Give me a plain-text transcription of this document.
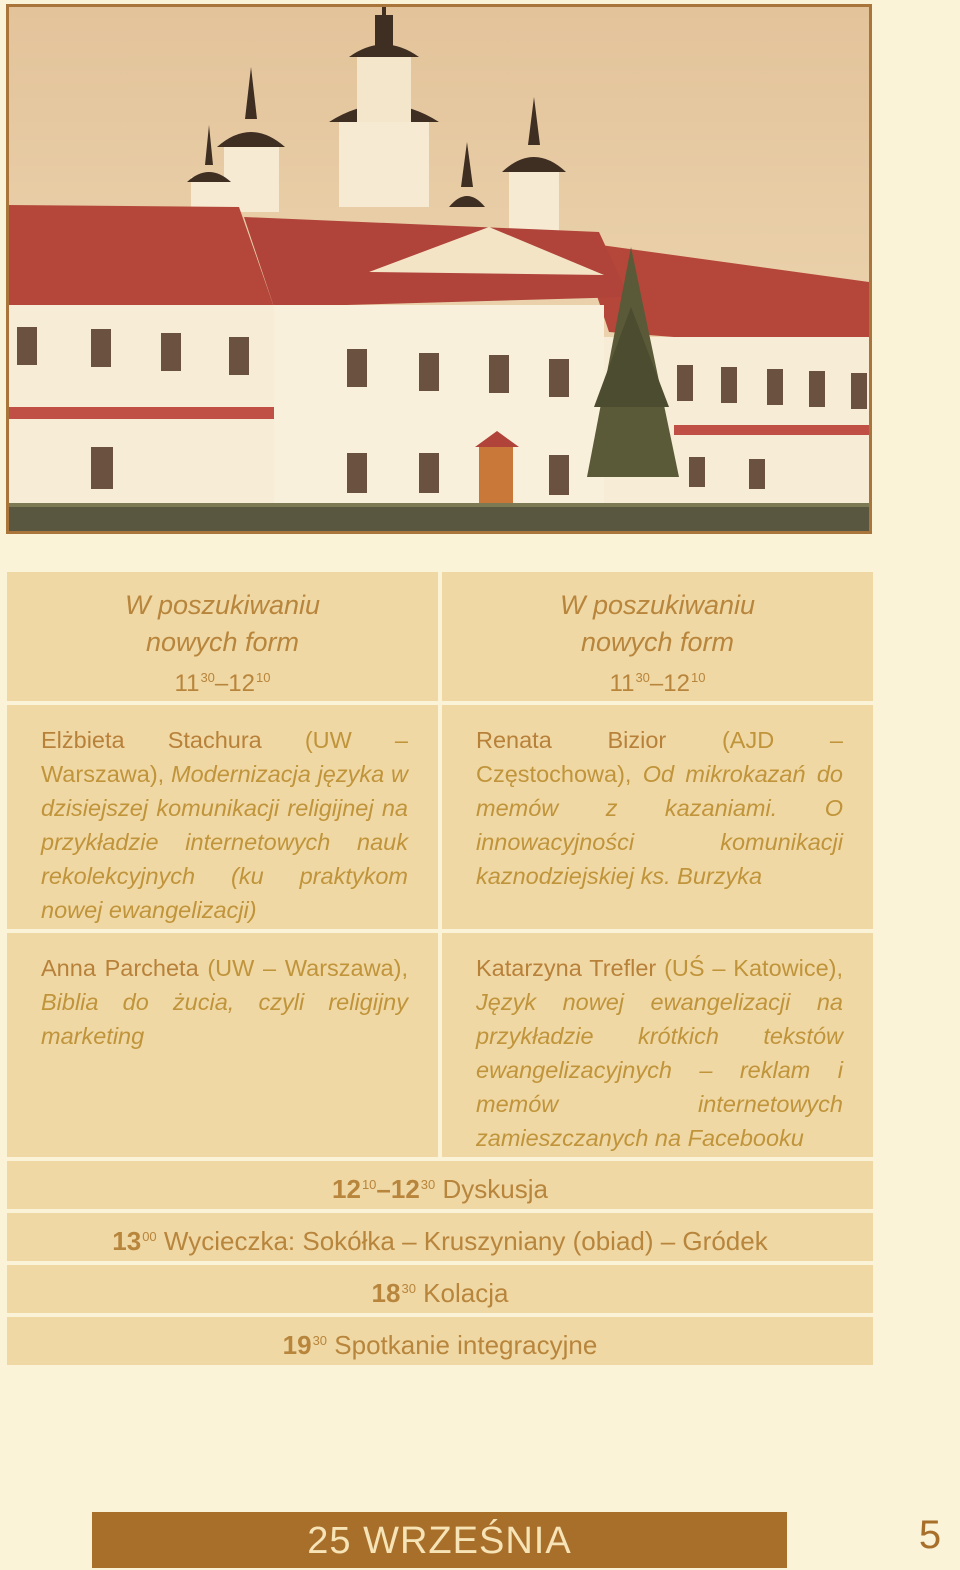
W poszukiwaniu
nowych form
$11^{30}-12^{10}$
W poszukiwaniu
nowych form
$11^{30}-12^{10}$
Elżbieta Stachura (UW – Warszawa), Modernizacja języka w dzisiejszej komunikacji religijnej na przykładzie internetowych nauk rekolekcyjnych (ku praktykom nowej ewangelizacji)
Renata Bizior (AJD – Częstochowa), Od mikrokazań do memów z kazaniami. O innowacyjności komunikacji kaznodziejskiej ks. Burzyka
Anna Parcheta (UW – Warszawa), Biblia do żucia, czyli religijny marketing
Katarzyna Trefler (UŚ – Katowice), Język nowej ewangelizacji na przykładzie krótkich tekstów ewangelizacyjnych – reklam i memów internetowych zamieszczanych na Facebooku
$12^{10}-12^{30}$ Dyskusja
$13^{00}$ Wycieczka: Sokółka – Kruszyniany (obiad) – Gródek
$18^{30}$ Kolacja
$19^{30}$ Spotkanie integracyjne
25 WRZEŚNIA	5
